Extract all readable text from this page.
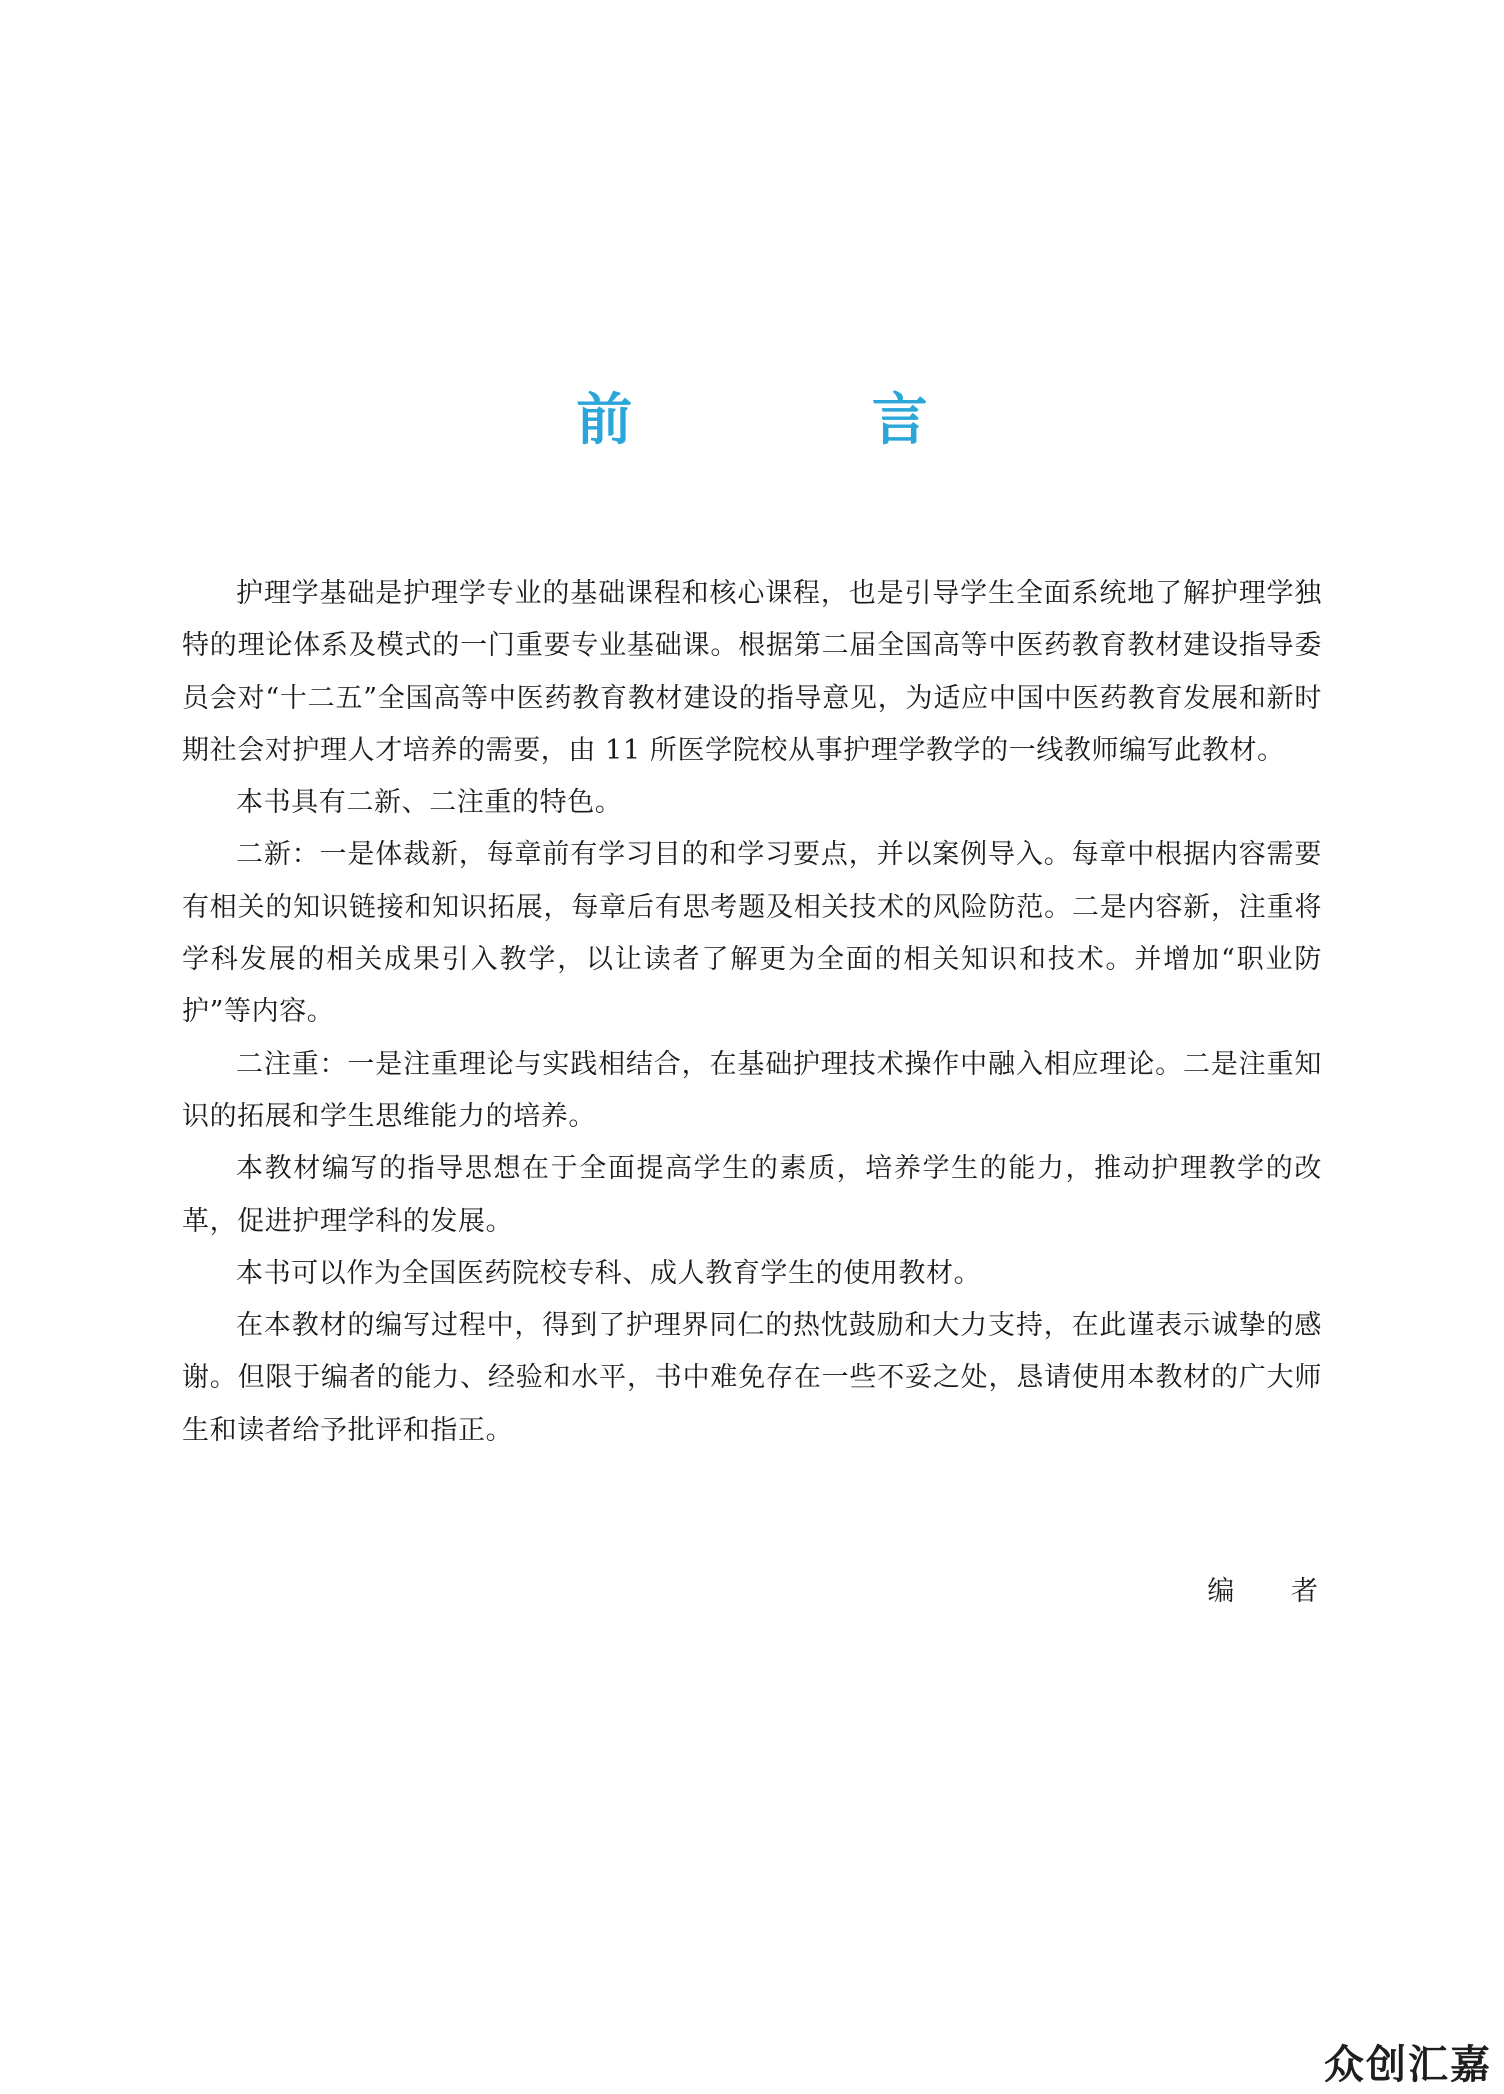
前 言

护理学基础是护理学专业的基础课程和核心课程，也是引导学生全面系统地了解护理学独特的理论体系及模式的一门重要专业基础课。根据第二届全国高等中医药教育教材建设指导委员会对“十二五”全国高等中医药教育教材建设的指导意见，为适应中国中医药教育发展和新时期社会对护理人才培养的需要，由 11 所医学院校从事护理学教学的一线教师编写此教材。

本书具有二新、二注重的特色。

二新：一是体裁新，每章前有学习目的和学习要点，并以案例导入。每章中根据内容需要有相关的知识链接和知识拓展，每章后有思考题及相关技术的风险防范。二是内容新，注重将学科发展的相关成果引入教学，以让读者了解更为全面的相关知识和技术。并增加“职业防护”等内容。

二注重：一是注重理论与实践相结合，在基础护理技术操作中融入相应理论。二是注重知识的拓展和学生思维能力的培养。

本教材编写的指导思想在于全面提高学生的素质，培养学生的能力，推动护理教学的改革，促进护理学科的发展。

本书可以作为全国医药院校专科、成人教育学生的使用教材。

在本教材的编写过程中，得到了护理界同仁的热忱鼓励和大力支持，在此谨表示诚挚的感谢。但限于编者的能力、经验和水平，书中难免存在一些不妥之处，恳请使用本教材的广大师生和读者给予批评和指正。

编 者
众创汇嘉
